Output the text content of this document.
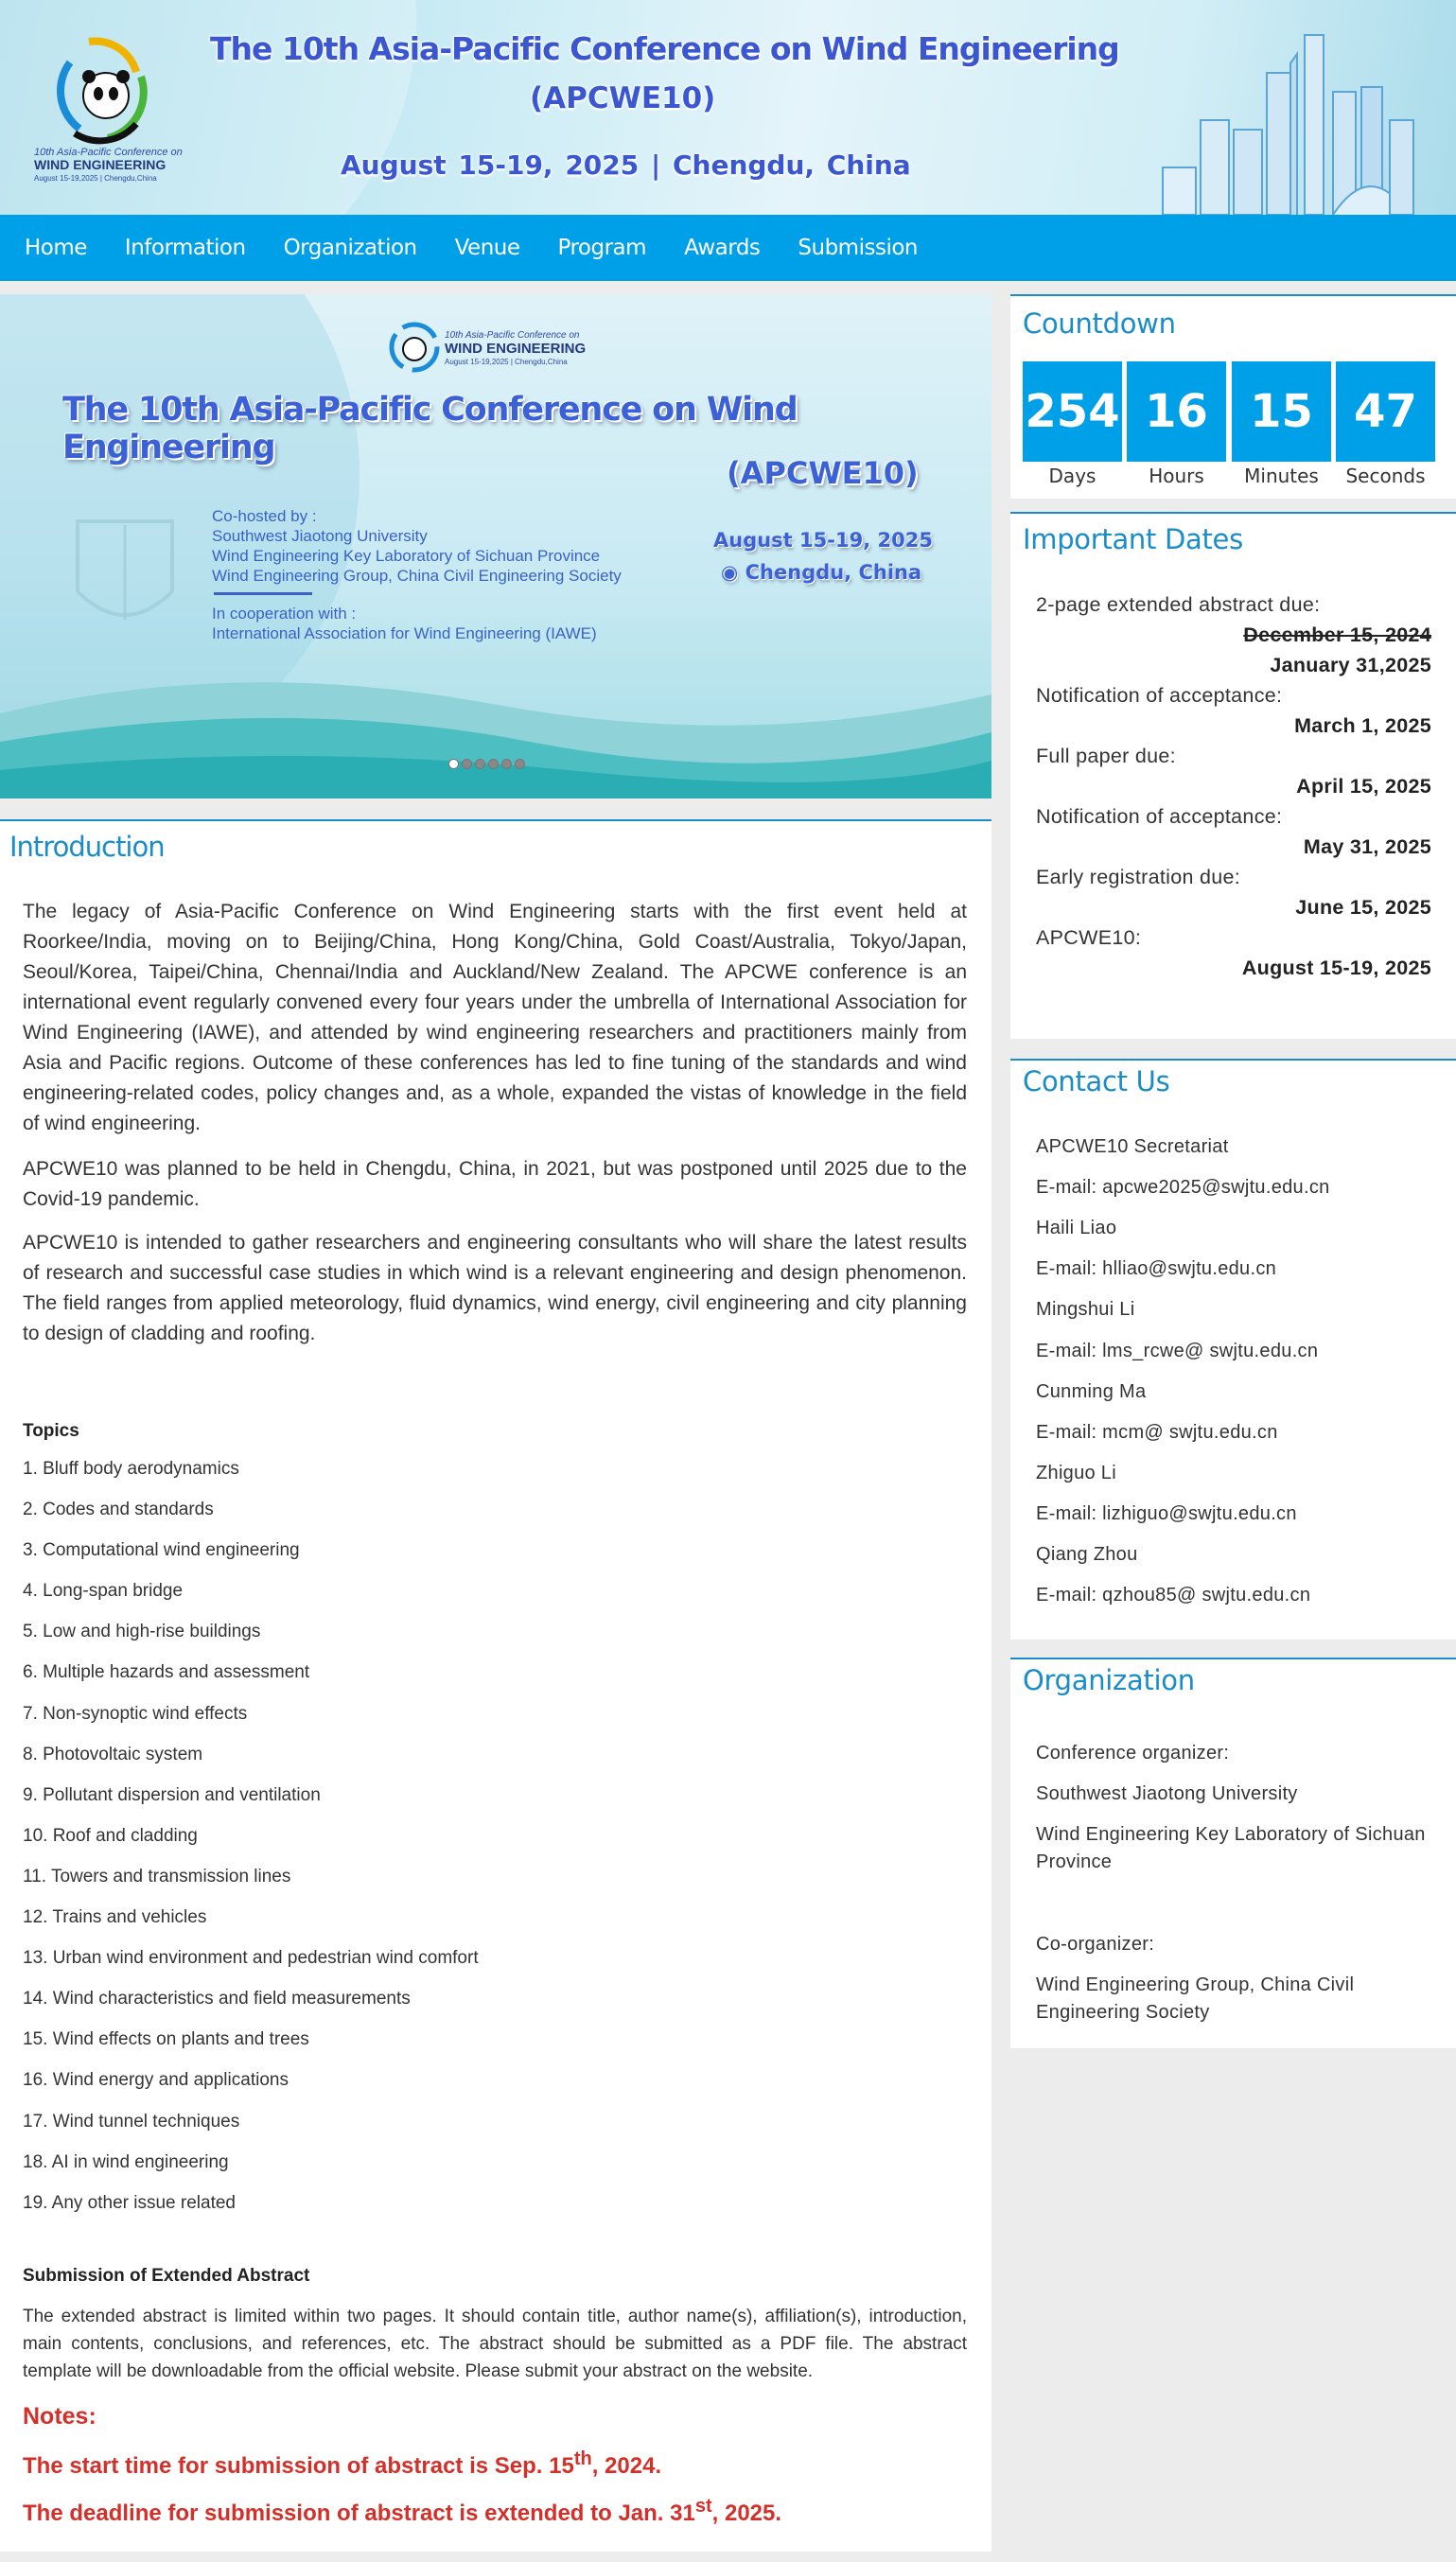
10th Asia-Pacific Conference on
WIND ENGINEERING
August 15-19,2025 | Chengdu,China
The 10th Asia-Pacific Conference on Wind Engineering
(APCWE10)
August 15-19, 2025 | Chengdu, China
Home Information Organization Venue Program Awards Submission
10th Asia-Pacific Conference on
WIND ENGINEERING
August 15-19,2025 | Chengdu,China
The 10th Asia-Pacific Conference on Wind Engineering
(APCWE10)
Co-hosted by :
Southwest Jiaotong University
Wind Engineering Key Laboratory of Sichuan Province
Wind Engineering Group, China Civil Engineering Society
In cooperation with :
International Association for Wind Engineering (IAWE)
August 15-19, 2025
◉ Chengdu, China
Introduction

The legacy of Asia-Pacific Conference on Wind Engineering starts with the first event held at Roorkee/India, moving on to Beijing/China, Hong Kong/China, Gold Coast/Australia, Tokyo/Japan, Seoul/Korea, Taipei/China, Chennai/India and Auckland/New Zealand. The APCWE conference is an international event regularly convened every four years under the umbrella of International Association for Wind Engineering (IAWE), and attended by wind engineering researchers and practitioners mainly from Asia and Pacific regions. Outcome of these conferences has led to fine tuning of the standards and wind engineering-related codes, policy changes and, as a whole, expanded the vistas of knowledge in the field of wind engineering.

APCWE10 was planned to be held in Chengdu, China, in 2021, but was postponed until 2025 due to the Covid-19 pandemic.

APCWE10 is intended to gather researchers and engineering consultants who will share the latest results of research and successful case studies in which wind is a relevant engineering and design phenomenon. The field ranges from applied meteorology, fluid dynamics, wind energy, civil engineering and city planning to design of cladding and roofing.

Topics
1. Bluff body aerodynamics
2. Codes and standards
3. Computational wind engineering
4. Long-span bridge
5. Low and high-rise buildings
6. Multiple hazards and assessment
7. Non-synoptic wind effects
8. Photovoltaic system
9. Pollutant dispersion and ventilation
10. Roof and cladding
11. Towers and transmission lines
12. Trains and vehicles
13. Urban wind environment and pedestrian wind comfort
14. Wind characteristics and field measurements
15. Wind effects on plants and trees
16. Wind energy and applications
17. Wind tunnel techniques
18. AI in wind engineering
19. Any other issue related
Submission of Extended Abstract

The extended abstract is limited within two pages. It should contain title, author name(s), affiliation(s), introduction, main contents, conclusions, and references, etc. The abstract should be submitted as a PDF file. The abstract template will be downloadable from the official website. Please submit your abstract on the website.

Notes:
The start time for submission of abstract is Sep. 15th, 2024.
The deadline for submission of abstract is extended to Jan. 31st, 2025.
Countdown
254 16 15 47
Days	Hours	Minutes	Seconds
Important Dates
2-page extended abstract due:
December 15, 2024
January 31,2025
Notification of acceptance:
March 1, 2025
Full paper due:
April 15, 2025
Notification of acceptance:
May 31, 2025
Early registration due:
June 15, 2025
APCWE10:
August 15-19, 2025
Contact Us
APCWE10 Secretariat
E-mail: apcwe2025@swjtu.edu.cn
Haili Liao
E-mail: hlliao@swjtu.edu.cn
Mingshui Li
E-mail: lms_rcwe@ swjtu.edu.cn
Cunming Ma
E-mail: mcm@ swjtu.edu.cn
Zhiguo Li
E-mail: lizhiguo@swjtu.edu.cn
Qiang Zhou
E-mail: qzhou85@ swjtu.edu.cn
Organization
Conference organizer:
Southwest Jiaotong University
Wind Engineering Key Laboratory of Sichuan Province
Co-organizer:
Wind Engineering Group, China Civil Engineering Society
